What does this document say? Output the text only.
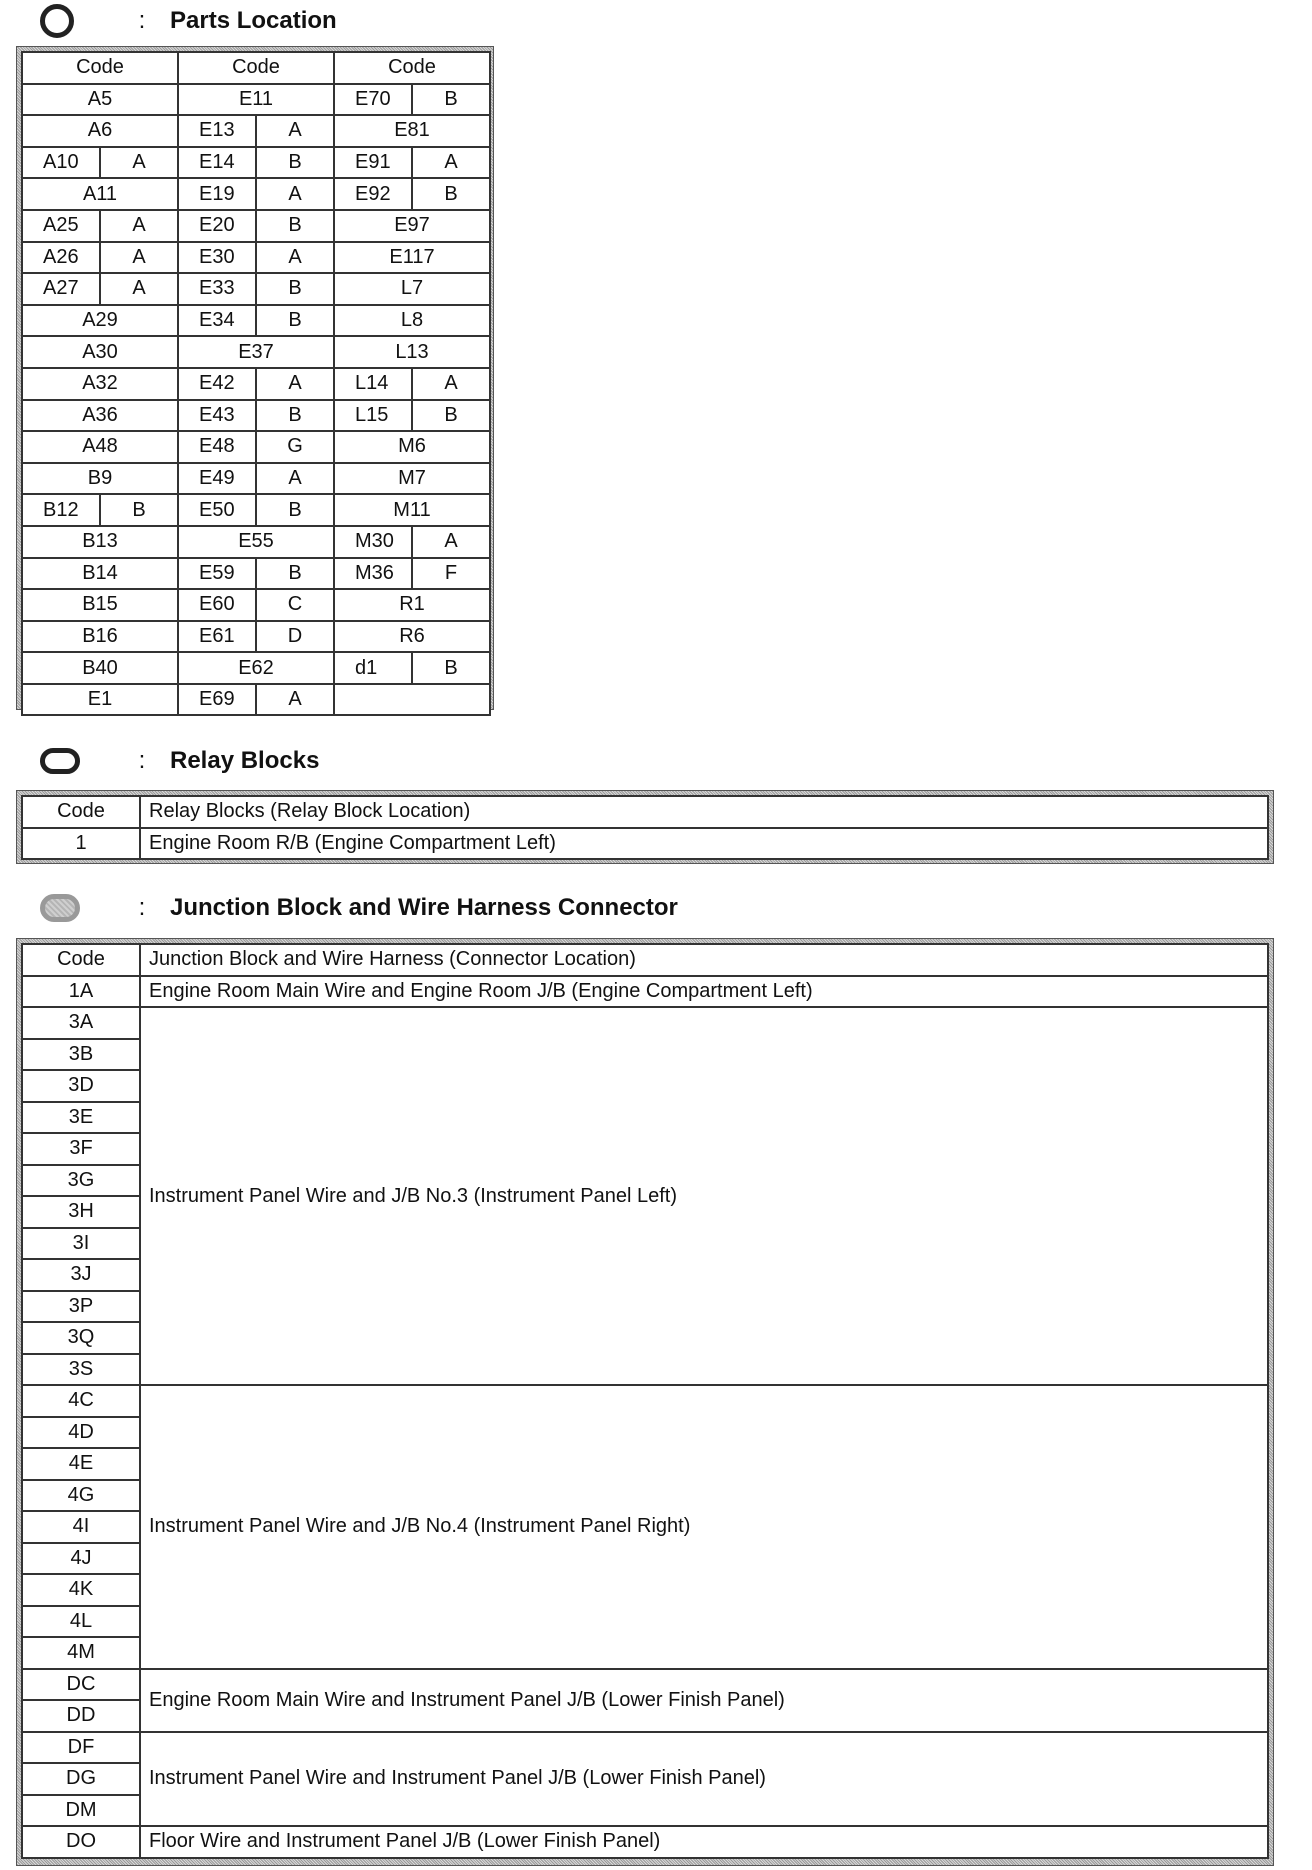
:	Parts Location
Code		Code		Code	
A5		E11		E70	B
A6		E13	A	E81	
A10	A	E14	B	E91	A
A11		E19	A	E92	B
A25	A	E20	B	E97	
A26	A	E30	A	E117	
A27	A	E33	B	L7	
A29		E34	B	L8	
A30		E37		L13	
A32		E42	A	L14	A
A36		E43	B	L15	B
A48		E48	G	M6	
B9		E49	A	M7	
B12	B	E50	B	M11	
B13		E55		M30	A
B14		E59	B	M36	F
B15		E60	C	R1	
B16		E61	D	R6	
B40		E62		d1	B
E1		E69	A		
:	Relay Blocks
Code	Relay Blocks (Relay Block Location)
1	Engine Room R/B (Engine Compartment Left)
:	Junction Block and Wire Harness Connector
Code	Junction Block and Wire Harness (Connector Location)
1A	Engine Room Main Wire and Engine Room J/B (Engine Compartment Left)
3A	Instrument Panel Wire and J/B No.3 (Instrument Panel Left)
3B	
3D	
3E	
3F	
3G	
3H	
3I	
3J	
3P	
3Q	
3S	
4C	Instrument Panel Wire and J/B No.4 (Instrument Panel Right)
4D	
4E	
4G	
4I	
4J	
4K	
4L	
4M	
DC	Engine Room Main Wire and Instrument Panel J/B (Lower Finish Panel)
DD	
DF	Instrument Panel Wire and Instrument Panel J/B (Lower Finish Panel)
DG	
DM	
DO	Floor Wire and Instrument Panel J/B (Lower Finish Panel)
